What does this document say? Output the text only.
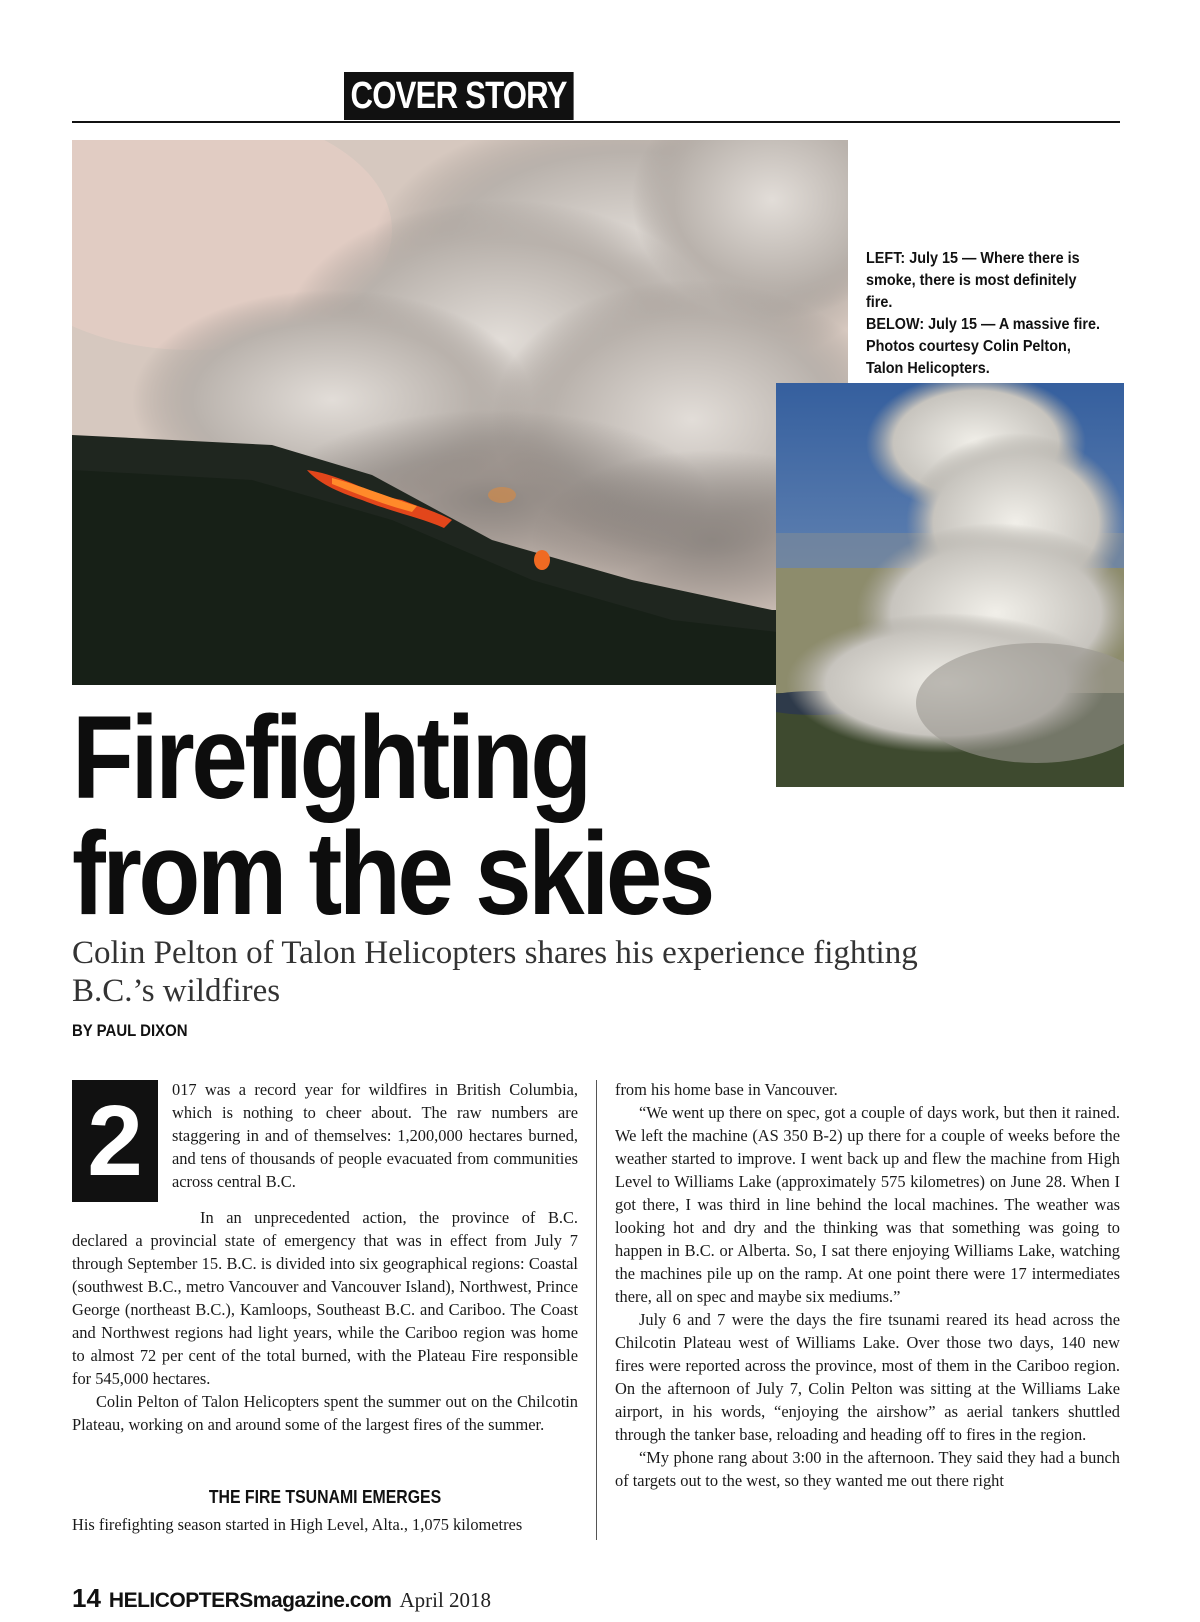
COVER STORY

LEFT: July 15 — Where there is smoke, there is most definitely fire.

BELOW: July 15 — A massive fire. Photos courtesy Colin Pelton, Talon Helicopters.

Firefighting
from the skies

Colin Pelton of Talon Helicopters shares his experience fighting B.C.’s wildfires

BY PAUL DIXON
2	017 was a record year for wildfires in British Columbia, which is nothing to cheer about. The raw numbers are staggering in and of themselves: 1,200,000 hectares burned, and tens of thousands of people evacuated from communities across central B.C.

In an unprecedented action, the province of B.C. declared a provincial state of emergency that was in effect from July 7 through September 15. B.C. is divided into six geographical regions: Coastal (southwest B.C., metro Vancouver and Vancouver Island), Northwest, Prince George (northeast B.C.), Kamloops, Southeast B.C. and Cariboo. The Coast and Northwest regions had light years, while the Cariboo region was home to almost 72 per cent of the total burned, with the Plateau Fire responsible for 545,000 hectares.

Colin Pelton of Talon Helicopters spent the summer out on the Chilcotin Plateau, working on and around some of the largest fires of the summer.

THE FIRE TSUNAMI EMERGES
His firefighting season started in High Level, Alta., 1,075 kilometres

from his home base in Vancouver.

“We went up there on spec, got a couple of days work, but then it rained. We left the machine (AS 350 B-2) up there for a couple of weeks before the weather started to improve. I went back up and flew the machine from High Level to Williams Lake (approximately 575 kilometres) on June 28. When I got there, I was third in line behind the local machines. The weather was looking hot and dry and the thinking was that something was going to happen in B.C. or Alberta. So, I sat there enjoying Williams Lake, watching the machines pile up on the ramp. At one point there were 17 intermediates there, all on spec and maybe six mediums.”

July 6 and 7 were the days the fire tsunami reared its head across the Chilcotin Plateau west of Williams Lake. Over those two days, 140 new fires were reported across the province, most of them in the Cariboo region. On the afternoon of July 7, Colin Pelton was sitting at the Williams Lake airport, in his words, “enjoying the airshow” as aerial tankers shuttled through the tanker base, reloading and heading off to fires in the region.

“My phone rang about 3:00 in the afternoon. They said they had a bunch of targets out to the west, so they wanted me out there right

14 HELICOPTERSmagazine.com April 2018
